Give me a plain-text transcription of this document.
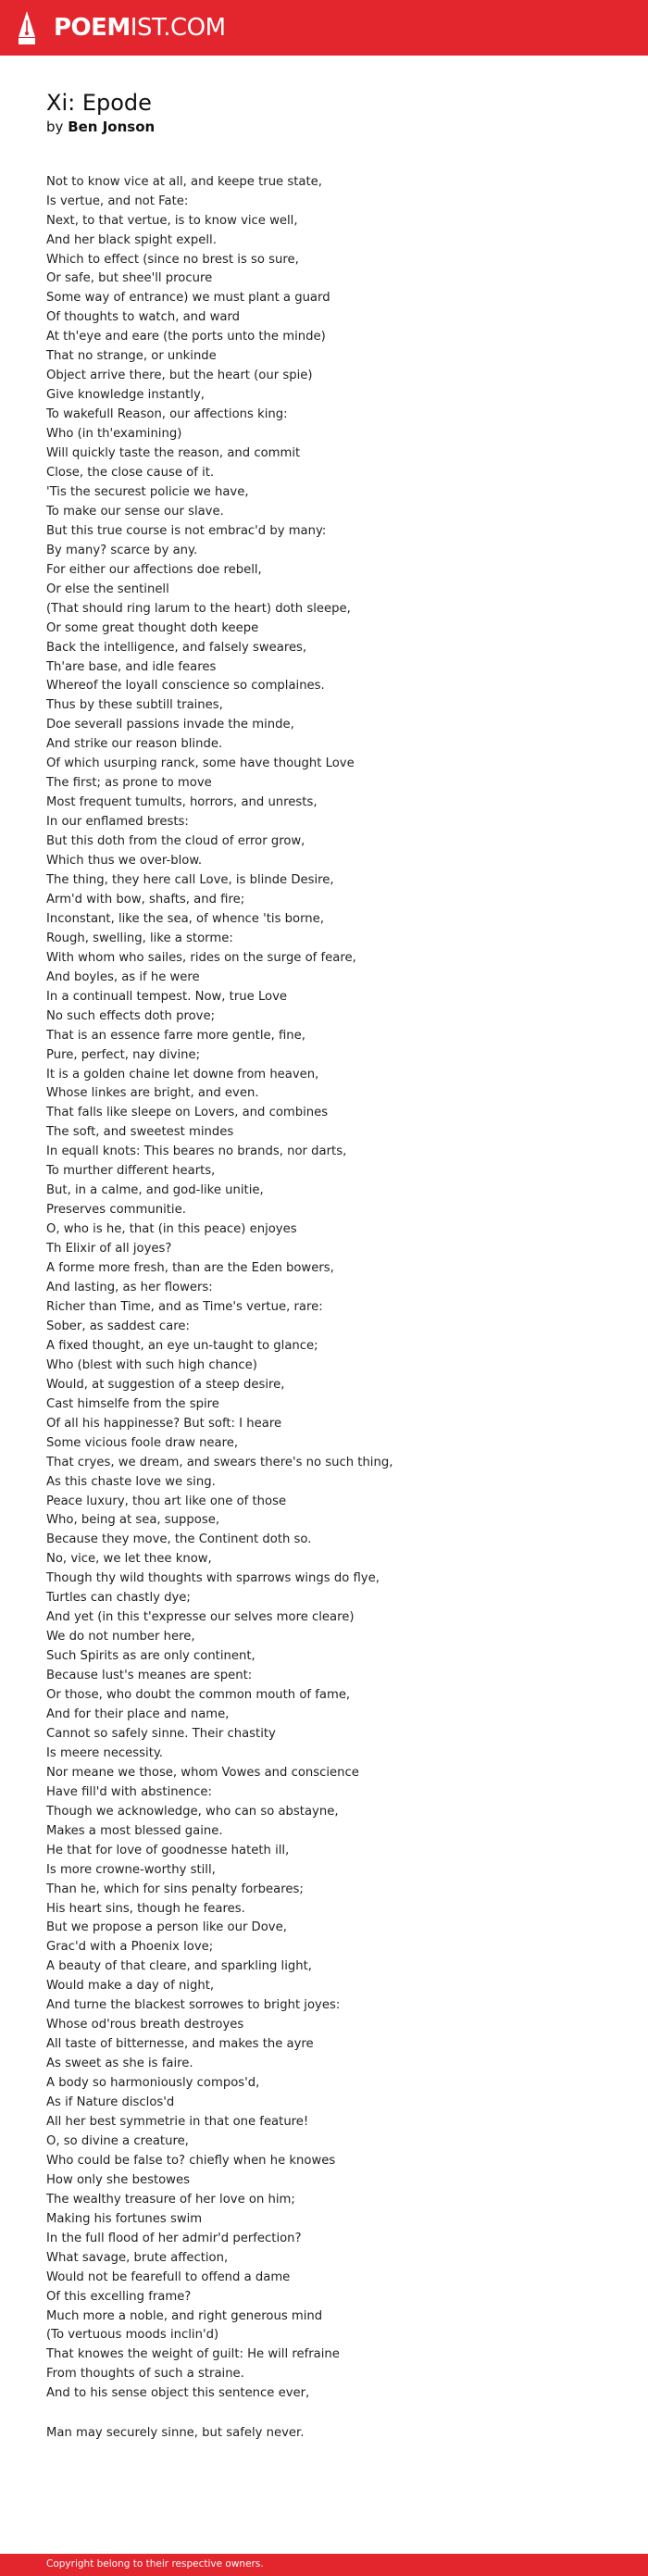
POEMIST.COM
Xi: Epode
by Ben Jonson
Not to know vice at all, and keepe true state,
Is vertue, and not Fate:
Next, to that vertue, is to know vice well,
And her black spight expell.
Which to effect (since no brest is so sure,
Or safe, but shee'll procure
Some way of entrance) we must plant a guard
Of thoughts to watch, and ward
At th'eye and eare (the ports unto the minde)
That no strange, or unkinde
Object arrive there, but the heart (our spie)
Give knowledge instantly,
To wakefull Reason, our affections king:
Who (in th'examining)
Will quickly taste the reason, and commit
Close, the close cause of it.
'Tis the securest policie we have,
To make our sense our slave.
But this true course is not embrac'd by many:
By many? scarce by any.
For either our affections doe rebell,
Or else the sentinell
(That should ring larum to the heart) doth sleepe,
Or some great thought doth keepe
Back the intelligence, and falsely sweares,
Th'are base, and idle feares
Whereof the loyall conscience so complaines.
Thus by these subtill traines,
Doe severall passions invade the minde,
And strike our reason blinde.
Of which usurping ranck, some have thought Love
The first; as prone to move
Most frequent tumults, horrors, and unrests,
In our enflamed brests:
But this doth from the cloud of error grow,
Which thus we over-blow.
The thing, they here call Love, is blinde Desire,
Arm'd with bow, shafts, and fire;
Inconstant, like the sea, of whence 'tis borne,
Rough, swelling, like a storme:
With whom who sailes, rides on the surge of feare,
And boyles, as if he were
In a continuall tempest. Now, true Love
No such effects doth prove;
That is an essence farre more gentle, fine,
Pure, perfect, nay divine;
It is a golden chaine let downe from heaven,
Whose linkes are bright, and even.
That falls like sleepe on Lovers, and combines
The soft, and sweetest mindes
In equall knots: This beares no brands, nor darts,
To murther different hearts,
But, in a calme, and god-like unitie,
Preserves communitie.
O, who is he, that (in this peace) enjoyes
Th Elixir of all joyes?
A forme more fresh, than are the Eden bowers,
And lasting, as her flowers:
Richer than Time, and as Time's vertue, rare:
Sober, as saddest care:
A fixed thought, an eye un-taught to glance;
Who (blest with such high chance)
Would, at suggestion of a steep desire,
Cast himselfe from the spire
Of all his happinesse? But soft: I heare
Some vicious foole draw neare,
That cryes, we dream, and swears there's no such thing,
As this chaste love we sing.
Peace luxury, thou art like one of those
Who, being at sea, suppose,
Because they move, the Continent doth so.
No, vice, we let thee know,
Though thy wild thoughts with sparrows wings do flye,
Turtles can chastly dye;
And yet (in this t'expresse our selves more cleare)
We do not number here,
Such Spirits as are only continent,
Because lust's meanes are spent:
Or those, who doubt the common mouth of fame,
And for their place and name,
Cannot so safely sinne. Their chastity
Is meere necessity.
Nor meane we those, whom Vowes and conscience
Have fill'd with abstinence:
Though we acknowledge, who can so abstayne,
Makes a most blessed gaine.
He that for love of goodnesse hateth ill,
Is more crowne-worthy still,
Than he, which for sins penalty forbeares;
His heart sins, though he feares.
But we propose a person like our Dove,
Grac'd with a Phoenix love;
A beauty of that cleare, and sparkling light,
Would make a day of night,
And turne the blackest sorrowes to bright joyes:
Whose od'rous breath destroyes
All taste of bitternesse, and makes the ayre
As sweet as she is faire.
A body so harmoniously compos'd,
As if Nature disclos'd
All her best symmetrie in that one feature!
O, so divine a creature,
Who could be false to? chiefly when he knowes
How only she bestowes
The wealthy treasure of her love on him;
Making his fortunes swim
In the full flood of her admir'd perfection?
What savage, brute affection,
Would not be fearefull to offend a dame
Of this excelling frame?
Much more a noble, and right generous mind
(To vertuous moods inclin'd)
That knowes the weight of guilt: He will refraine
From thoughts of such a straine.
And to his sense object this sentence ever,
Man may securely sinne, but safely never.
Copyright belong to their respective owners.
